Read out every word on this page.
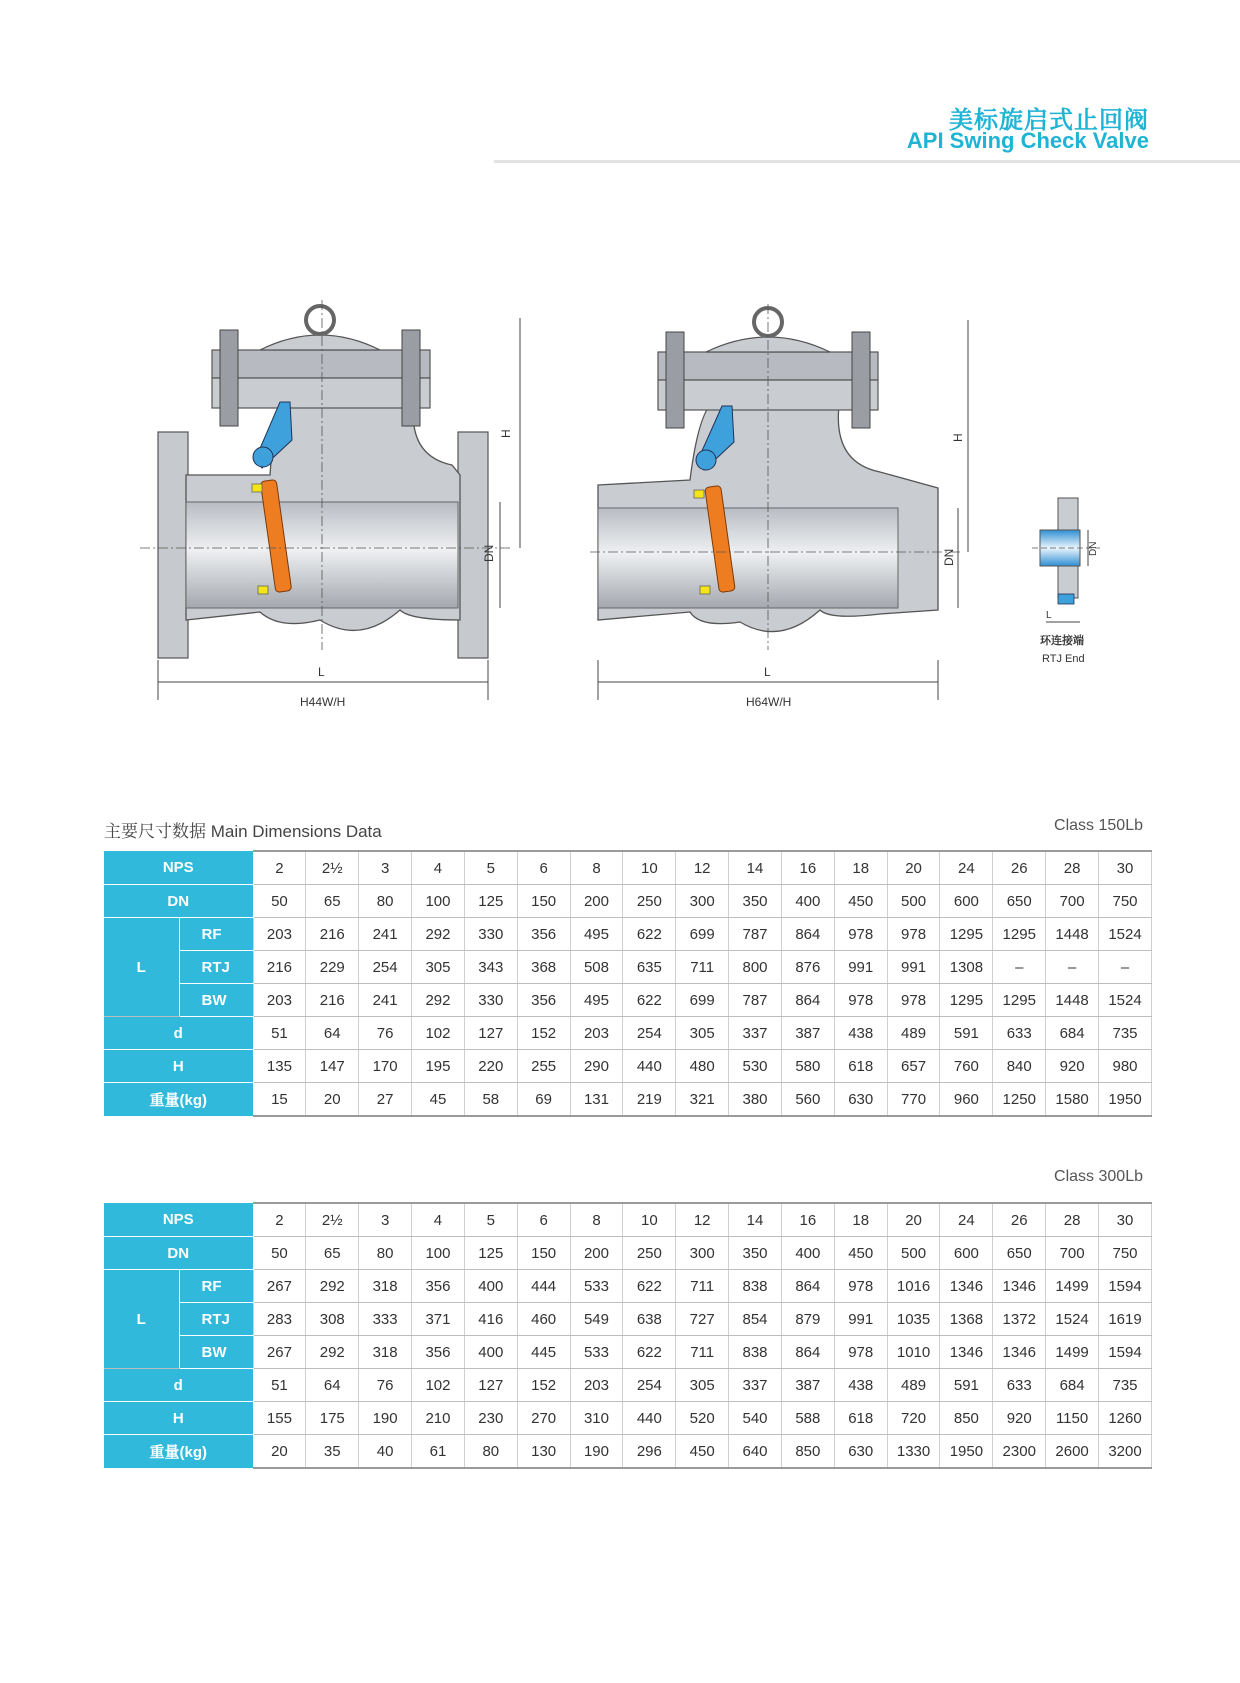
美标旋启式止回阀
API Swing Check Valve
H
DN
L
H44W/H
H
DN
L
H64W/H
DN
L
环连接端
RTJ End
主要尺寸数据 Main Dimensions Data	Class 150Lb
NPS		2	2½	3	4	5	6	8	10	12	14	16	18	20	24	26	28	30
DN		50	65	80	100	125	150	200	250	300	350	400	450	500	600	650	700	750
L	RF	203	216	241	292	330	356	495	622	699	787	864	978	978	1295	1295	1448	1524
	RTJ	216	229	254	305	343	368	508	635	711	800	876	991	991	1308	–	–	–
	BW	203	216	241	292	330	356	495	622	699	787	864	978	978	1295	1295	1448	1524
d		51	64	76	102	127	152	203	254	305	337	387	438	489	591	633	684	735
H		135	147	170	195	220	255	290	440	480	530	580	618	657	760	840	920	980
重量(kg)		15	20	27	45	58	69	131	219	321	380	560	630	770	960	1250	1580	1950
Class 300Lb
NPS		2	2½	3	4	5	6	8	10	12	14	16	18	20	24	26	28	30
DN		50	65	80	100	125	150	200	250	300	350	400	450	500	600	650	700	750
L	RF	267	292	318	356	400	444	533	622	711	838	864	978	1016	1346	1346	1499	1594
	RTJ	283	308	333	371	416	460	549	638	727	854	879	991	1035	1368	1372	1524	1619
	BW	267	292	318	356	400	445	533	622	711	838	864	978	1010	1346	1346	1499	1594
d		51	64	76	102	127	152	203	254	305	337	387	438	489	591	633	684	735
H		155	175	190	210	230	270	310	440	520	540	588	618	720	850	920	1150	1260
重量(kg)		20	35	40	61	80	130	190	296	450	640	850	630	1330	1950	2300	2600	3200
